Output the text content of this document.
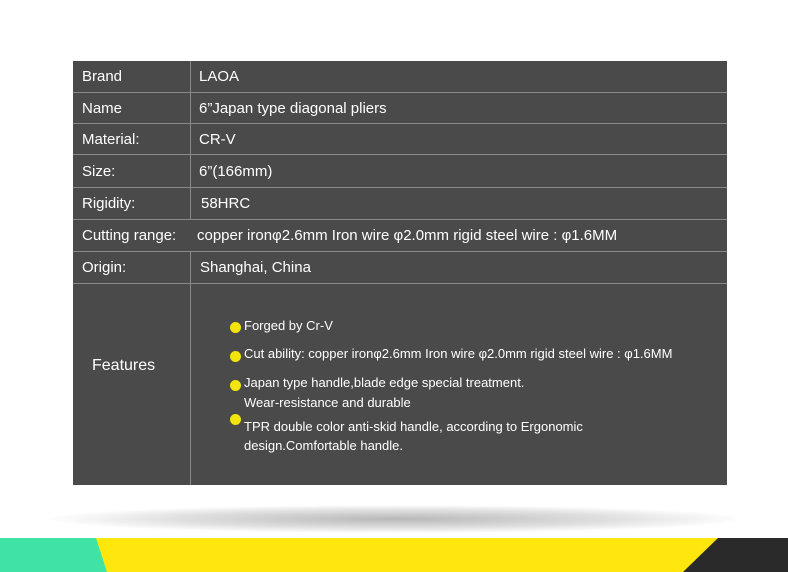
Brand	LAOA
Name	6”Japan type diagonal pliers
Material:	CR-V
Size:	6”(166mm)
Rigidity:	58HRC
Cutting range:	copper ironφ2.6mm Iron wire φ2.0mm rigid steel wire : φ1.6MM
Origin:	Shanghai, China
Features
Forged by Cr-V
Cut ability: copper ironφ2.6mm Iron wire φ2.0mm rigid steel wire : φ1.6MM
Japan type handle,blade edge special treatment.
Wear-resistance and durable
TPR double color anti-skid handle, according to Ergonomic
design.Comfortable handle.
